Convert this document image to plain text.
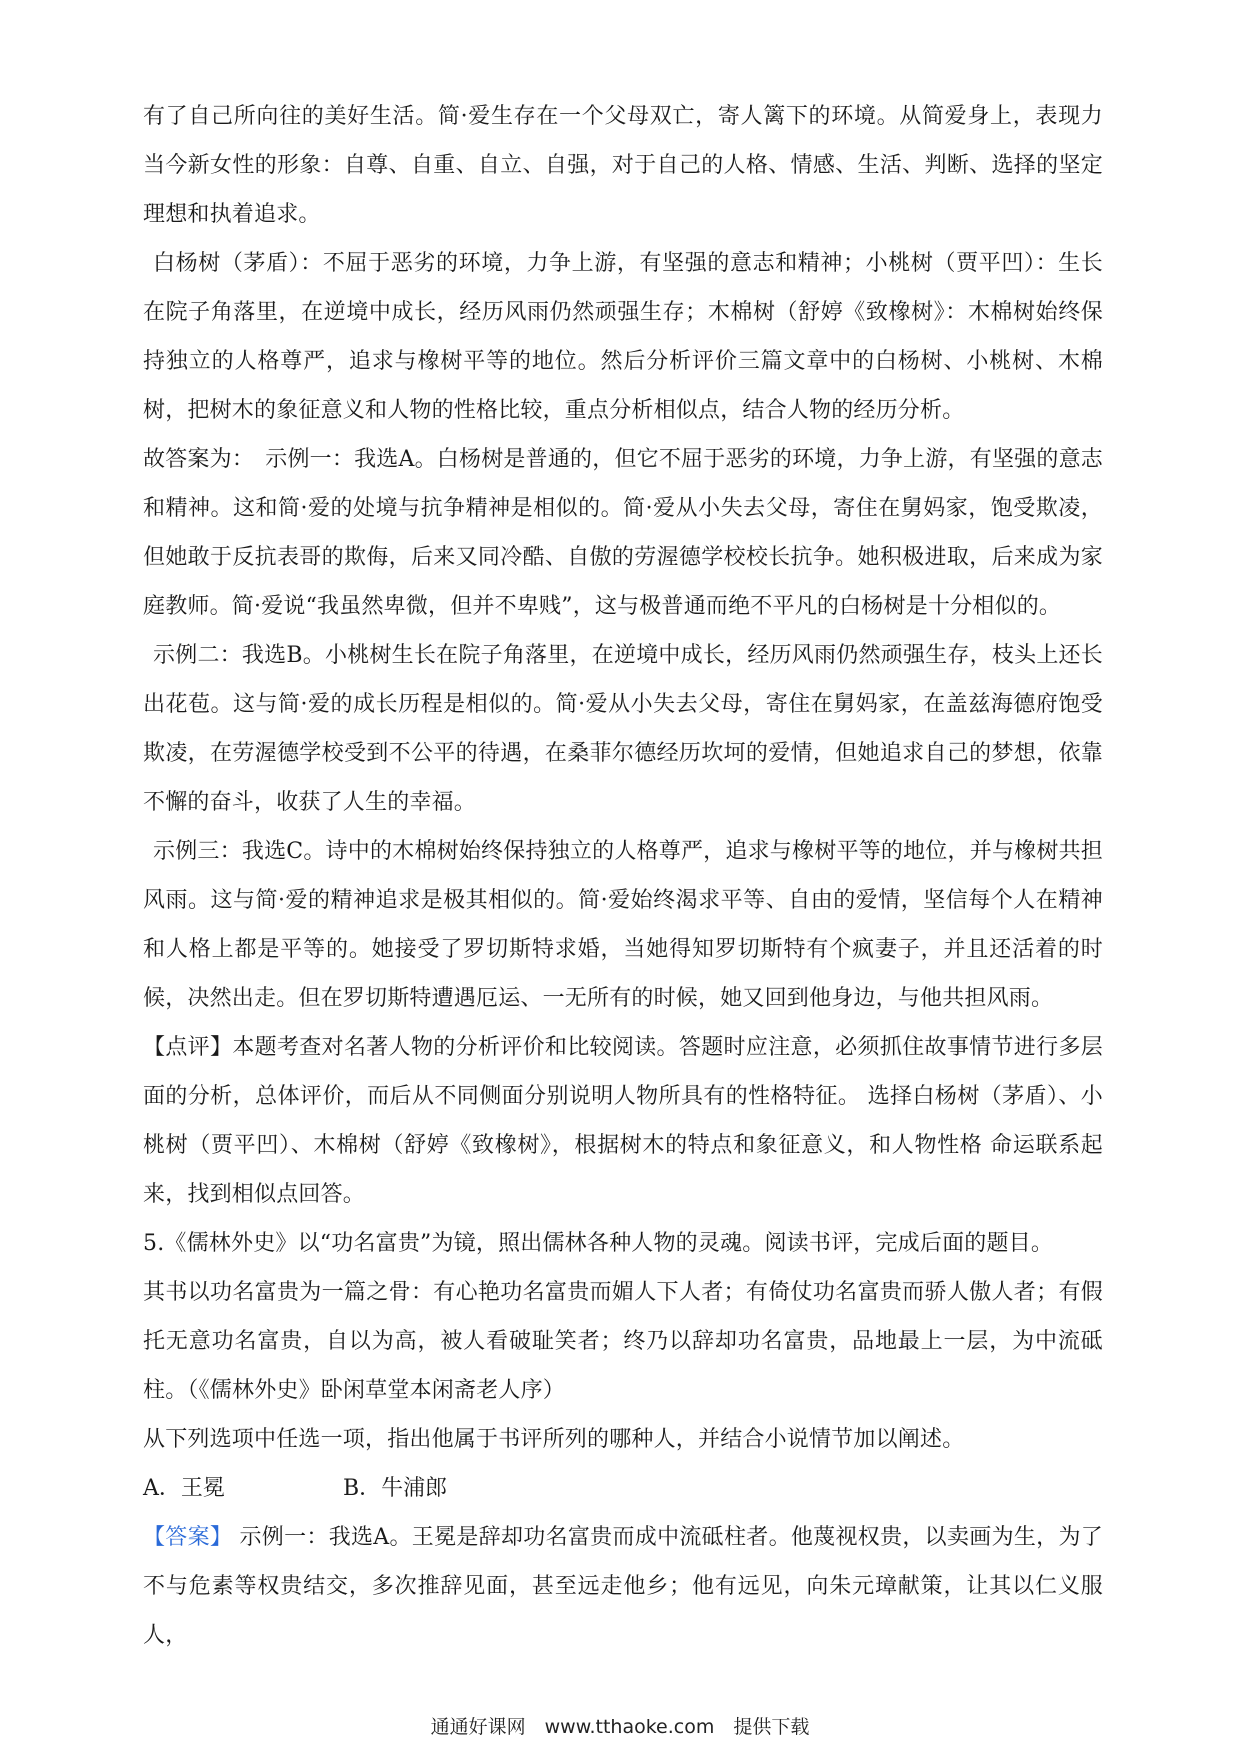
有了自己所向往的美好生活。简·爱生存在一个父母双亡，寄人篱下的环境。从简爱身上，表现力当今新女性的形象：自尊、自重、自立、自强，对于自己的人格、情感、生活、判断、选择的坚定理想和执着追求。

白杨树（茅盾）：不屈于恶劣的环境，力争上游，有坚强的意志和精神；小桃树（贾平凹）：生长在院子角落里，在逆境中成长，经历风雨仍然顽强生存；木棉树（舒婷《致橡树》：木棉树始终保持独立的人格尊严，追求与橡树平等的地位。然后分析评价三篇文章中的白杨树、小桃树、木棉树，把树木的象征意义和人物的性格比较，重点分析相似点，结合人物的经历分析。

故答案为：　示例一：我选A。白杨树是普通的，但它不屈于恶劣的环境，力争上游，有坚强的意志和精神。这和简·爱的处境与抗争精神是相似的。简·爱从小失去父母，寄住在舅妈家，饱受欺凌，但她敢于反抗表哥的欺侮，后来又同冷酷、自傲的劳渥德学校校长抗争。她积极进取，后来成为家庭教师。简·爱说“我虽然卑微，但并不卑贱”，这与极普通而绝不平凡的白杨树是十分相似的。

示例二：我选B。小桃树生长在院子角落里，在逆境中成长，经历风雨仍然顽强生存，枝头上还长出花苞。这与简·爱的成长历程是相似的。简·爱从小失去父母，寄住在舅妈家，在盖兹海德府饱受欺凌，在劳渥德学校受到不公平的待遇，在桑菲尔德经历坎坷的爱情，但她追求自己的梦想，依靠不懈的奋斗，收获了人生的幸福。

示例三：我选C。诗中的木棉树始终保持独立的人格尊严，追求与橡树平等的地位，并与橡树共担风雨。这与简·爱的精神追求是极其相似的。简·爱始终渴求平等、自由的爱情，坚信每个人在精神和人格上都是平等的。她接受了罗切斯特求婚，当她得知罗切斯特有个疯妻子，并且还活着的时候，决然出走。但在罗切斯特遭遇厄运、一无所有的时候，她又回到他身边，与他共担风雨。

【点评】本题考查对名著人物的分析评价和比较阅读。答题时应注意，必须抓住故事情节进行多层面的分析，总体评价，而后从不同侧面分别说明人物所具有的性格特征。 选择白杨树（茅盾）、小桃树（贾平凹）、木棉树（舒婷《致橡树》，根据树木的特点和象征意义，和人物性格 命运联系起来，找到相似点回答。

5.《儒林外史》以“功名富贵”为镜，照出儒林各种人物的灵魂。阅读书评，完成后面的题目。

其书以功名富贵为一篇之骨：有心艳功名富贵而媚人下人者；有倚仗功名富贵而骄人傲人者；有假托无意功名富贵，自以为高，被人看破耻笑者；终乃以辞却功名富贵，品地最上一层，为中流砥柱。（《儒林外史》卧闲草堂本闲斋老人序）

从下列选项中任选一项，指出他属于书评所列的哪种人，并结合小说情节加以阐述。

A．王冕	B．牛浦郎

【答案】 示例一：我选A。王冕是辞却功名富贵而成中流砥柱者。他蔑视权贵，以卖画为生，为了不与危素等权贵结交，多次推辞见面，甚至远走他乡；他有远见，向朱元璋献策，让其以仁义服人，

通通好课网　www.tthaoke.com　提供下载
